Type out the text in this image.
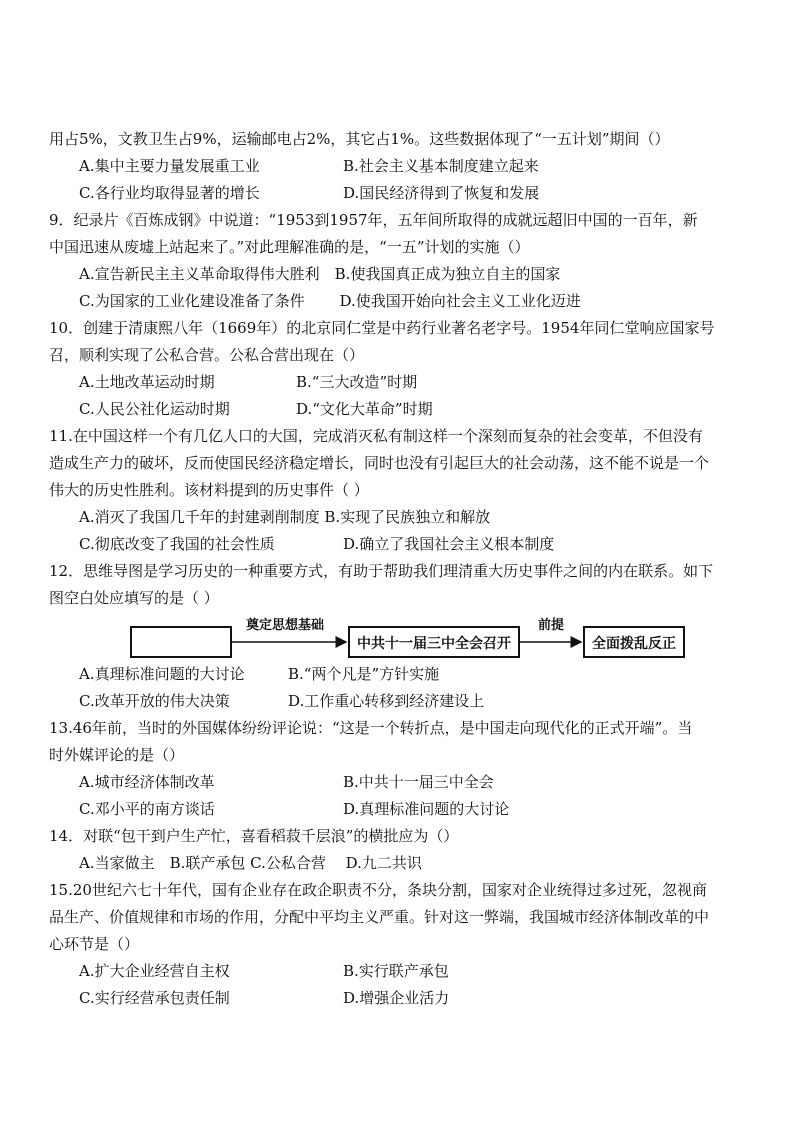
用占5%，文教卫生占9%，运输邮电占2%，其它占1%。这些数据体现了“一五计划”期间（）
A.集中主要力量发展重工业	B.社会主义基本制度建立起来
C.各行业均取得显著的增长	D.国民经济得到了恢复和发展
9．纪录片《百炼成钢》中说道：“1953到1957年，五年间所取得的成就远超旧中国的一百年，新
中国迅速从废墟上站起来了。”对此理解准确的是，“一五”计划的实施（）
A.宣告新民主主义革命取得伟大胜利　B.使我国真正成为独立自主的国家
C.为国家的工业化建设准备了条件　　 D.使我国开始向社会主义工业化迈进
10．创建于清康熙八年（1669年）的北京同仁堂是中药行业著名老字号。1954年同仁堂响应国家号
召，顺利实现了公私合营。公私合营出现在（）
A.土地改革运动时期	B.“三大改造”时期
C.人民公社化运动时期	D.“文化大革命”时期
11.在中国这样一个有几亿人口的大国，完成消灭私有制这样一个深刻而复杂的社会变革，不但没有
造成生产力的破坏，反而使国民经济稳定增长，同时也没有引起巨大的社会动荡，这不能不说是一个
伟大的历史性胜利。该材料提到的历史事件（ ）
A.消灭了我国几千年的封建剥削制度 B.实现了民族独立和解放
C.彻底改变了我国的社会性质	D.确立了我国社会主义根本制度
12．思维导图是学习历史的一种重要方式，有助于帮助我们理清重大历史事件之间的内在联系。如下
图空白处应填写的是（ ）
奠定思想基础
中共十一届三中全会召开
前提
全面拨乱反正
A.真理标准问题的大讨论	B.“两个凡是”方针实施
C.改革开放的伟大决策	D.工作重心转移到经济建设上
13.46年前，当时的外国媒体纷纷评论说：“这是一个转折点，是中国走向现代化的正式开端”。当
时外媒评论的是（）
A.城市经济体制改革	B.中共十一届三中全会
C.邓小平的南方谈话	D.真理标准问题的大讨论
14．对联“包干到户生产忙，喜看稻菽千层浪”的横批应为（）
A.当家做主　B.联产承包 C.公私合营　 D.九二共识
15.20世纪六七十年代，国有企业存在政企职责不分，条块分割，国家对企业统得过多过死，忽视商
品生产、价值规律和市场的作用，分配中平均主义严重。针对这一弊端，我国城市经济体制改革的中
心环节是（）
A.扩大企业经营自主权	B.实行联产承包
C.实行经营承包责任制	D.增强企业活力
